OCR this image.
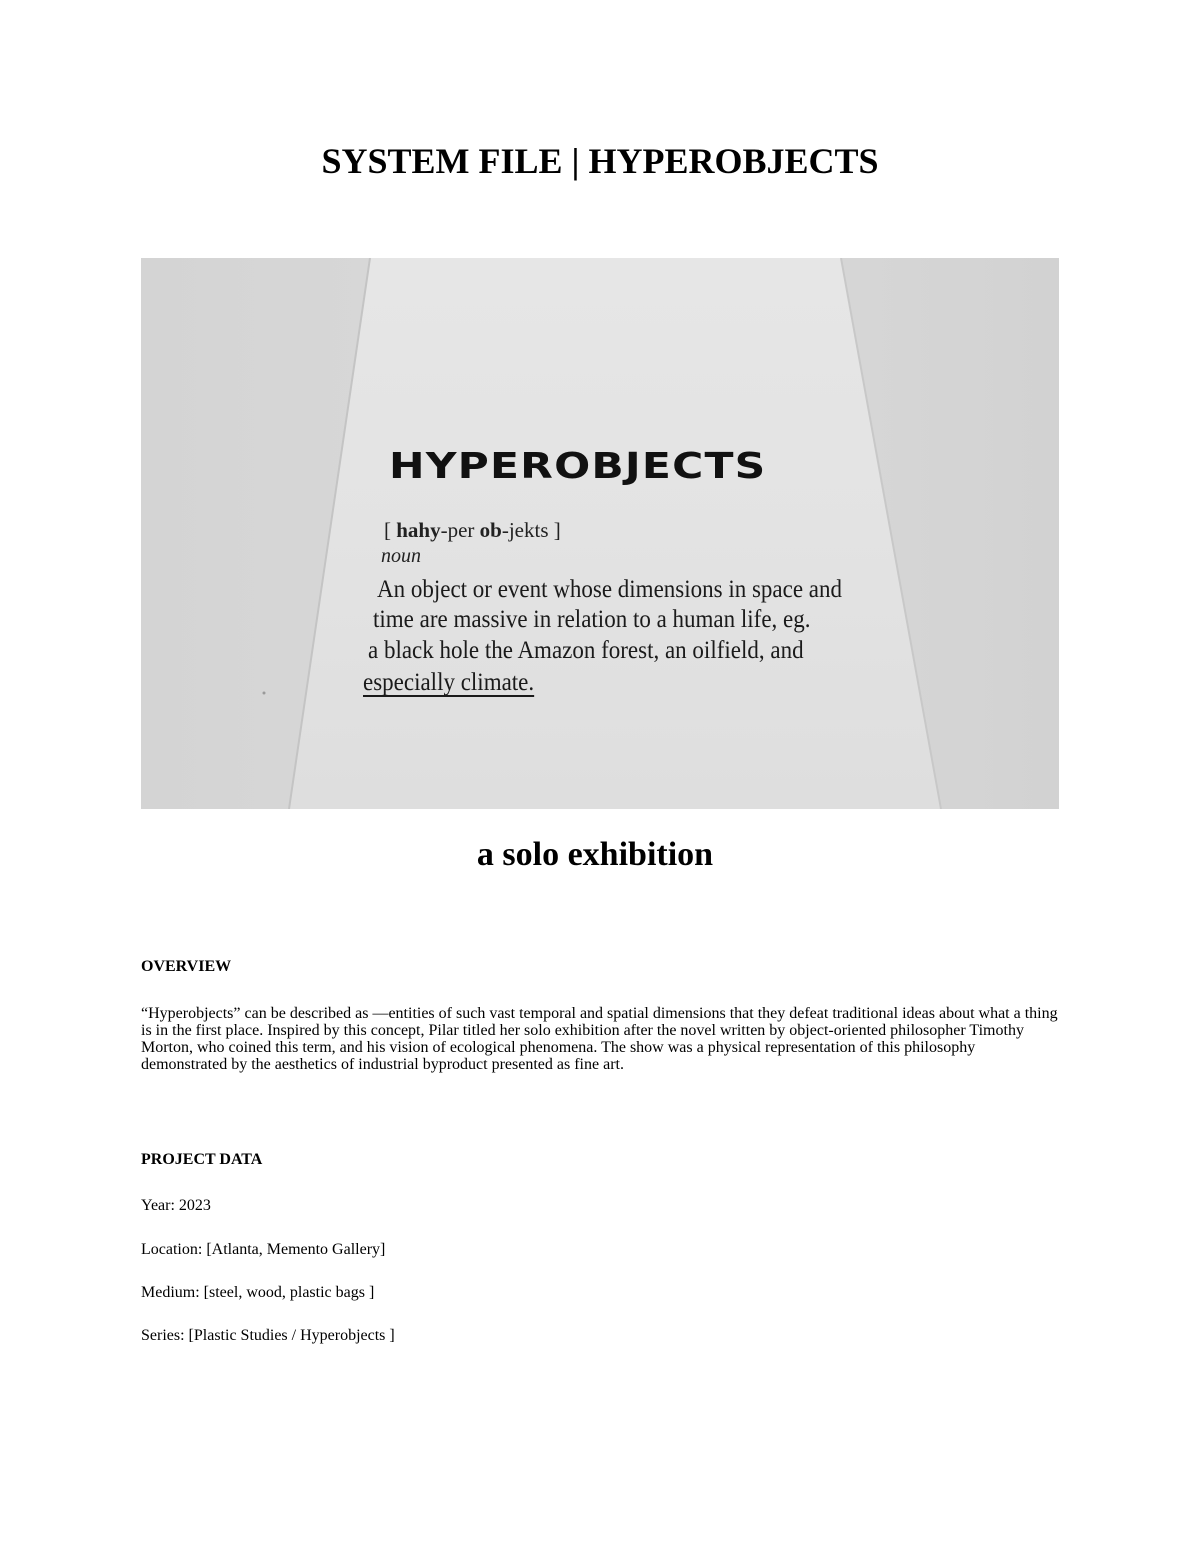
SYSTEM FILE | HYPEROBJECTS

HYPEROBJECTS

[ hahy-per ob-jekts ]

noun

An object or event whose dimensions in space and

time are massive in relation to a human life, eg.

a black hole the Amazon forest, an oilfield, and

especially climate.

a solo exhibition
OVERVIEW

“Hyperobjects” can be described as —entities of such vast temporal and spatial dimensions that they defeat traditional ideas about what a thing is in the first place. Inspired by this concept, Pilar titled her solo exhibition after the novel written by object-oriented philosopher Timothy Morton, who coined this term, and his vision of ecological phenomena. The show was a physical representation of this philosophy demonstrated by the aesthetics of industrial byproduct presented as fine art.

PROJECT DATA

Year: 2023

Location: [Atlanta, Memento Gallery]

Medium: [steel, wood, plastic bags ]

Series: [Plastic Studies / Hyperobjects ]
